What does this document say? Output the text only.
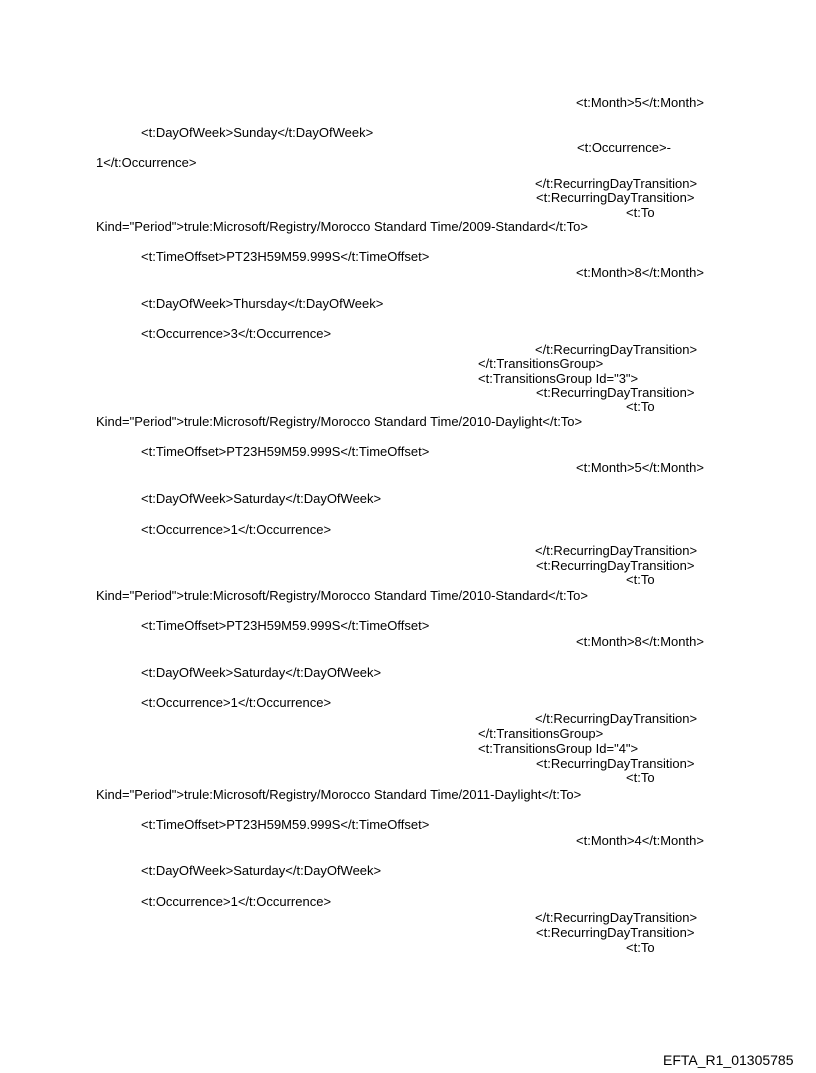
<t:Month>5</t:Month>
<t:DayOfWeek>Sunday</t:DayOfWeek>
<t:Occurrence>-
1</t:Occurrence>
</t:RecurringDayTransition>
<t:RecurringDayTransition>
<t:To
Kind="Period">trule:Microsoft/Registry/Morocco Standard Time/2009-Standard</t:To>
<t:TimeOffset>PT23H59M59.999S</t:TimeOffset>
<t:Month>8</t:Month>
<t:DayOfWeek>Thursday</t:DayOfWeek>
<t:Occurrence>3</t:Occurrence>
</t:RecurringDayTransition>
</t:TransitionsGroup>
<t:TransitionsGroup Id="3">
<t:RecurringDayTransition>
<t:To
Kind="Period">trule:Microsoft/Registry/Morocco Standard Time/2010-Daylight</t:To>
<t:TimeOffset>PT23H59M59.999S</t:TimeOffset>
<t:Month>5</t:Month>
<t:DayOfWeek>Saturday</t:DayOfWeek>
<t:Occurrence>1</t:Occurrence>
</t:RecurringDayTransition>
<t:RecurringDayTransition>
<t:To
Kind="Period">trule:Microsoft/Registry/Morocco Standard Time/2010-Standard</t:To>
<t:TimeOffset>PT23H59M59.999S</t:TimeOffset>
<t:Month>8</t:Month>
<t:DayOfWeek>Saturday</t:DayOfWeek>
<t:Occurrence>1</t:Occurrence>
</t:RecurringDayTransition>
</t:TransitionsGroup>
<t:TransitionsGroup Id="4">
<t:RecurringDayTransition>
<t:To
Kind="Period">trule:Microsoft/Registry/Morocco Standard Time/2011-Daylight</t:To>
<t:TimeOffset>PT23H59M59.999S</t:TimeOffset>
<t:Month>4</t:Month>
<t:DayOfWeek>Saturday</t:DayOfWeek>
<t:Occurrence>1</t:Occurrence>
</t:RecurringDayTransition>
<t:RecurringDayTransition>
<t:To
EFTA_R1_01305785
